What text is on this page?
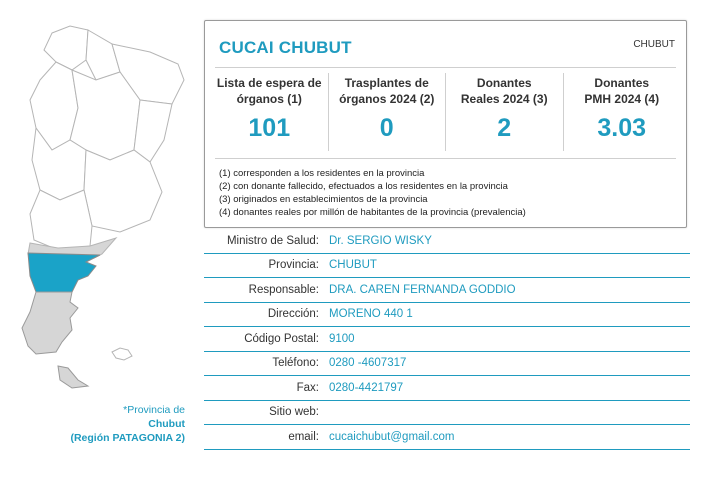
*Provincia de
Chubut
(Región PATAGONIA 2)
CUCAI CHUBUT	CHUBUT
Lista de espera de
órganos (1)
101
Trasplantes de
órganos 2024 (2)
0
Donantes
Reales 2024 (3)
2
Donantes
PMH 2024 (4)
3.03
(1) corresponden a los residentes en la provincia
(2) con donante fallecido, efectuados a los residentes en la provincia
(3) originados en establecimientos de la provincia
(4) donantes reales por millón de habitantes de la provincia (prevalencia)
Ministro de Salud: Dr. SERGIO WISKY
Provincia: CHUBUT
Responsable: DRA. CAREN FERNANDA GODDIO
Dirección: MORENO 440 1
Código Postal: 9100
Teléfono: 0280 -4607317
Fax: 0280-4421797
Sitio web:
email: cucaichubut@gmail.com
